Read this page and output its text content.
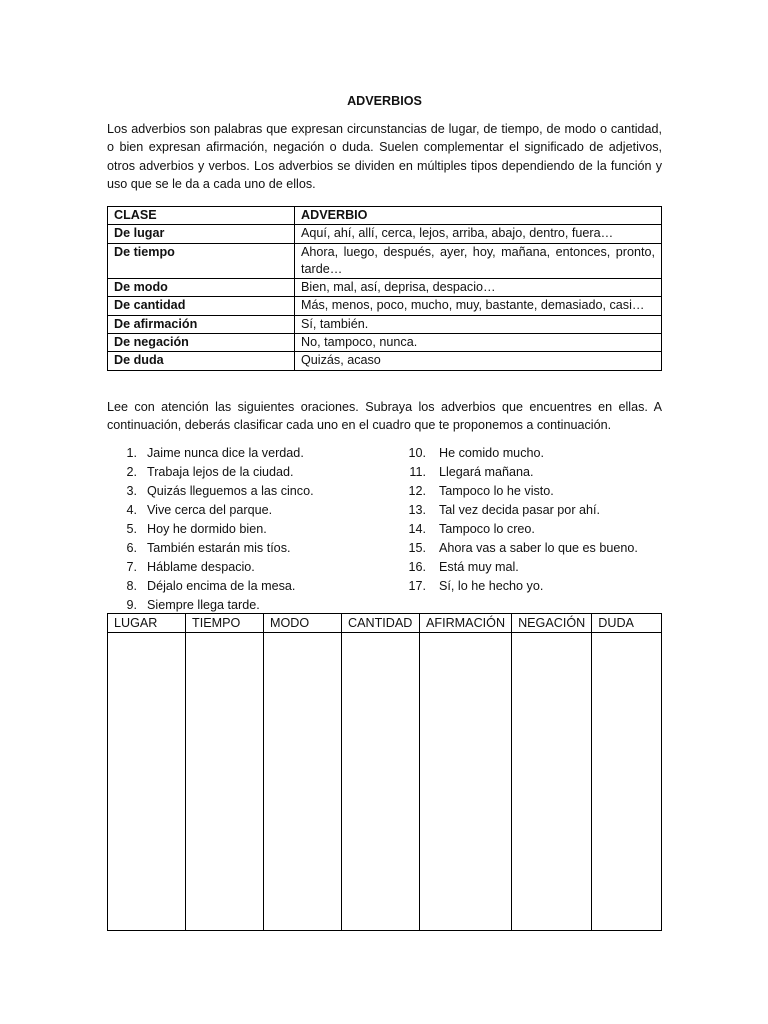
ADVERBIOS

Los adverbios son palabras que expresan circunstancias de lugar, de tiempo, de modo o cantidad, o bien expresan afirmación, negación o duda. Suelen complementar el significado de adjetivos, otros adverbios y verbos. Los adverbios se dividen en múltiples tipos dependiendo de la función y uso que se le da a cada uno de ellos.

CLASE	ADVERBIO
De lugar	Aquí, ahí, allí, cerca, lejos, arriba, abajo, dentro, fuera…
De tiempo	Ahora, luego, después, ayer, hoy, mañana, entonces, pronto, tarde…
De modo	Bien, mal, así, deprisa, despacio…
De cantidad	Más, menos, poco, mucho, muy, bastante, demasiado, casi…
De afirmación	Sí, también.
De negación	No, tampoco, nunca.
De duda	Quizás, acaso

Lee con atención las siguientes oraciones. Subraya los adverbios que encuentres en ellas. A continuación, deberás clasificar cada uno en el cuadro que te proponemos a continuación.

1. Jaime nunca dice la verdad.
2. Trabaja lejos de la ciudad.
3. Quizás lleguemos a las cinco.
4. Vive cerca del parque.
5. Hoy he dormido bien.
6. También estarán mis tíos.
7. Háblame despacio.
8. Déjalo encima de la mesa.
9. Siempre llega tarde.
10. He comido mucho.
11. Llegará mañana.
12. Tampoco lo he visto.
13. Tal vez decida pasar por ahí.
14. Tampoco lo creo.
15. Ahora vas a saber lo que es bueno.
16. Está muy mal.
17. Sí, lo he hecho yo.
LUGAR	TIEMPO	MODO	CANTIDAD	AFIRMACIÓN	NEGACIÓN	DUDA
